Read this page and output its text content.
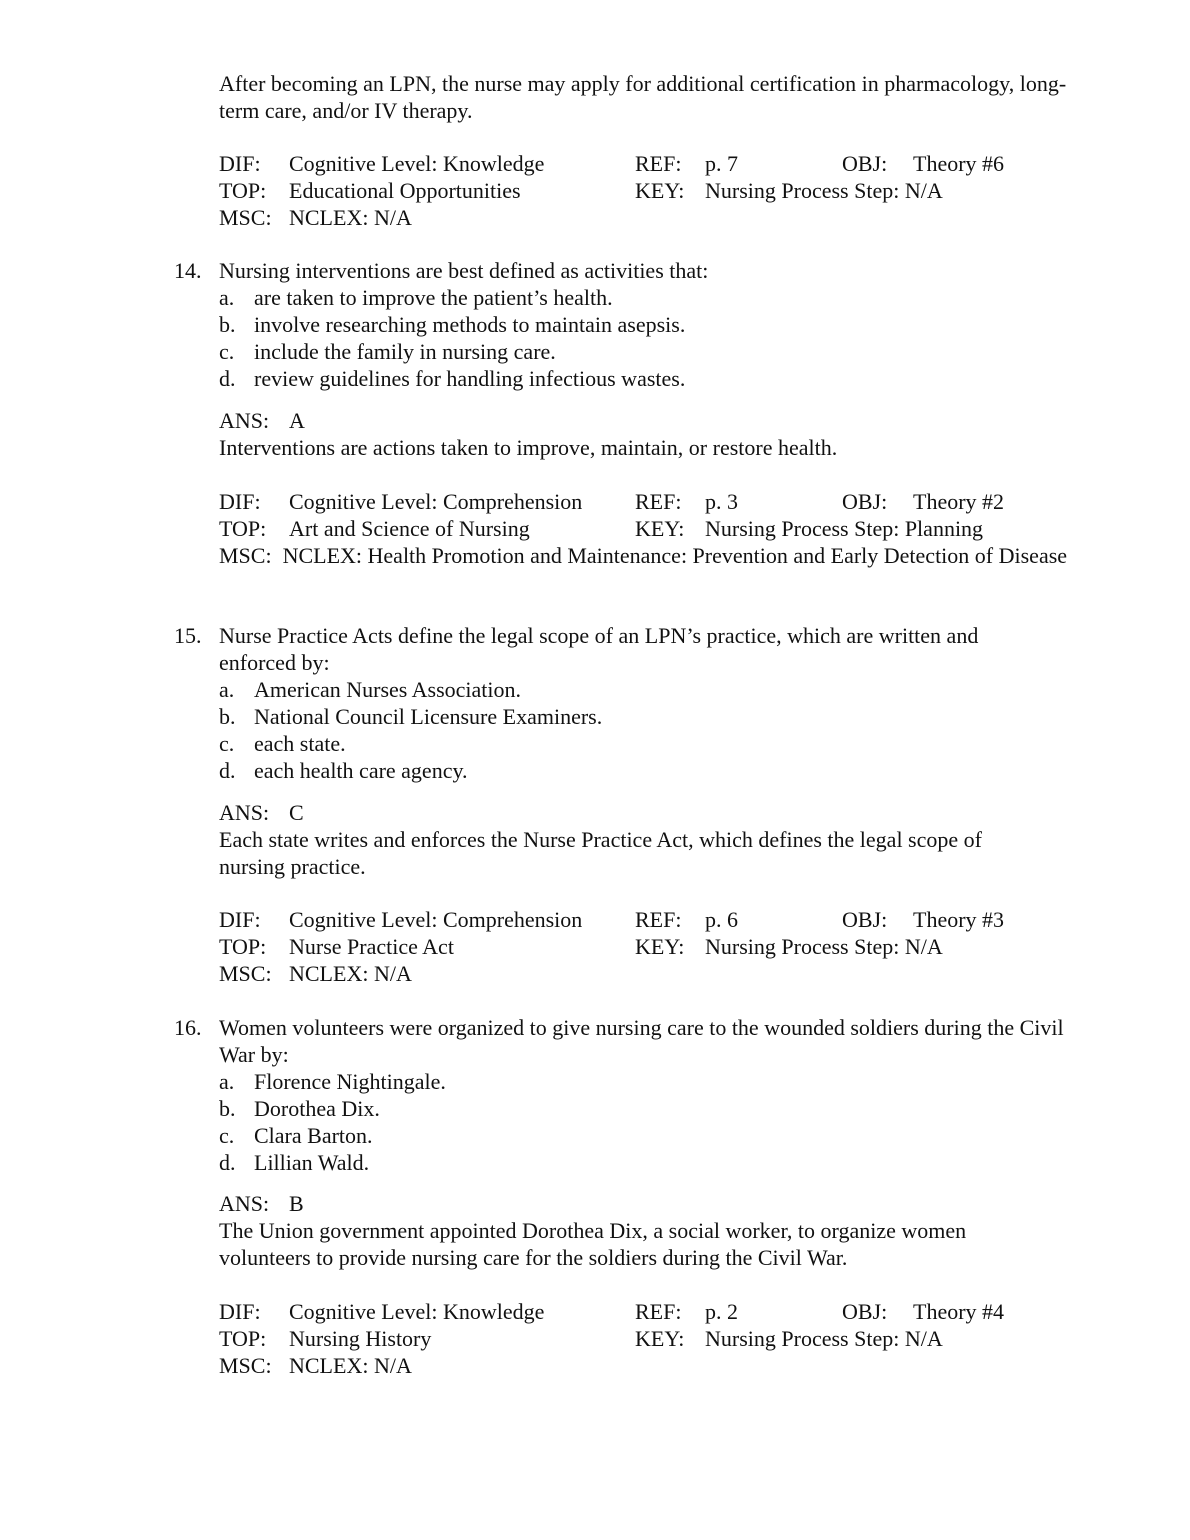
After becoming an LPN, the nurse may apply for additional certification in pharmacology, long-term care, and/or IV therapy.

DIF: Cognitive Level: Knowledge	REF: p. 7	OBJ: Theory #6
TOP: Educational Opportunities	KEY: Nursing Process Step: N/A
MSC: NCLEX: N/A
14. Nursing interventions are best defined as activities that:

a. are taken to improve the patient’s health.
b. involve researching methods to maintain asepsis.
c. include the family in nursing care.
d. review guidelines for handling infectious wastes.
ANS: A

Interventions are actions taken to improve, maintain, or restore health.

DIF: Cognitive Level: Comprehension REF: p. 3	OBJ: Theory #2
TOP: Art and Science of Nursing	KEY: Nursing Process Step: Planning

MSC: NCLEX: Health Promotion and Maintenance: Prevention and Early Detection of Disease

15. Nurse Practice Acts define the legal scope of an LPN’s practice, which are written and enforced by:

a. American Nurses Association.
b. National Council Licensure Examiners.
c. each state.
d. each health care agency.
ANS: C

Each state writes and enforces the Nurse Practice Act, which defines the legal scope of nursing practice.

DIF: Cognitive Level: Comprehension REF: p. 6	OBJ: Theory #3
TOP: Nurse Practice Act	KEY: Nursing Process Step: N/A
MSC: NCLEX: N/A
16. Women volunteers were organized to give nursing care to the wounded soldiers during the Civil War by:

a. Florence Nightingale.
b. Dorothea Dix.
c. Clara Barton.
d. Lillian Wald.
ANS: B

The Union government appointed Dorothea Dix, a social worker, to organize women volunteers to provide nursing care for the soldiers during the Civil War.

DIF: Cognitive Level: Knowledge	REF: p. 2	OBJ: Theory #4
TOP: Nursing History	KEY: Nursing Process Step: N/A
MSC: NCLEX: N/A
